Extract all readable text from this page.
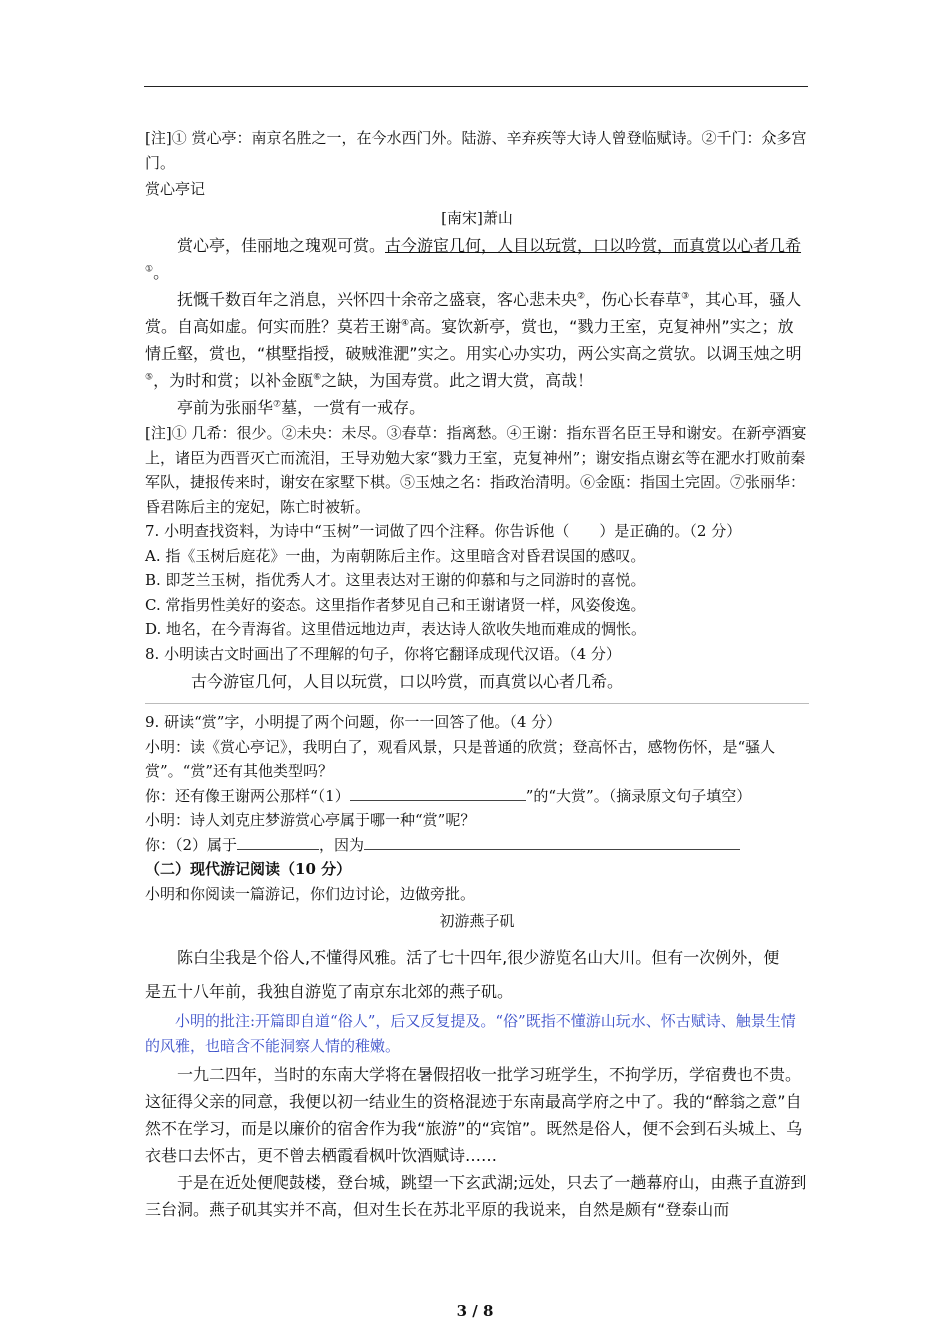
[注]① 赏心亭：南京名胜之一，在今水西门外。陆游、辛弃疾等大诗人曾登临赋诗。②千门：众多宫门。

赏心亭记

[南宋]萧山

赏心亭，佳丽地之瑰观可赏。古今游宦几何，人目以玩赏，口以吟赏，而真赏以心者几希①。

抚慨千数百年之消息，兴怀四十余帝之盛衰，客心悲未央②，伤心长春草③，其心耳，骚人赏。自高如虚。何实而胜？莫若王谢④高。宴饮新亭，赏也，“戮力王室，克复神州”实之；放情丘壑，赏也，“棋墅指授，破贼淮淝”实之。用实心办实功，两公实高之赏欤。以调玉烛之明⑤，为时和赏；以补金瓯⑥之缺，为国寿赏。此之谓大赏，高哉！

亭前为张丽华⑦墓，一赏有一戒存。

[注]① 几希：很少。②未央：未尽。③春草：指离愁。④王谢：指东晋名臣王导和谢安。在新亭酒宴上，诸臣为西晋灭亡而流泪，王导劝勉大家“戮力王室，克复神州”；谢安指点谢玄等在淝水打败前秦军队，捷报传来时，谢安在家墅下棋。⑤玉烛之名：指政治清明。⑥金瓯：指国土完固。⑦张丽华：昏君陈后主的宠妃，陈亡时被斩。

7. 小明查找资料，为诗中“玉树”一词做了四个注释。你告诉他（　　）是正确的。（2 分）

A. 指《玉树后庭花》一曲，为南朝陈后主作。这里暗含对昏君误国的感叹。

B. 即芝兰玉树，指优秀人才。这里表达对王谢的仰慕和与之同游时的喜悦。

C. 常指男性美好的姿态。这里指作者梦见自己和王谢诸贤一样，风姿俊逸。

D. 地名，在今青海省。这里借远地边声，表达诗人欲收失地而难成的惆怅。

8. 小明读古文时画出了不理解的句子，你将它翻译成现代汉语。（4 分）

古今游宦几何，人目以玩赏，口以吟赏，而真赏以心者几希。

9. 研读“赏”字，小明提了两个问题，你一一回答了他。（4 分）

小明：读《赏心亭记》，我明白了，观看风景，只是普通的欣赏；登高怀古，感物伤怀，是“骚人赏”。“赏”还有其他类型吗？

你：还有像王谢两公那样“（1）	”的“大赏”。（摘录原文句子填空）

小明：诗人刘克庄梦游赏心亭属于哪一种“赏”呢？

你：（2）属于	，因为

（二）现代游记阅读（10 分）

小明和你阅读一篇游记，你们边讨论，边做旁批。

初游燕子矶

陈白尘我是个俗人,不懂得风雅。活了七十四年,很少游览名山大川。但有一次例外，便

是五十八年前，我独自游览了南京东北郊的燕子矶。

小明的批注:开篇即自道“俗人”，后又反复提及。“俗”既指不懂游山玩水、怀古赋诗、触景生情的风雅，也暗含不能洞察人情的稚嫩。

一九二四年，当时的东南大学将在暑假招收一批学习班学生，不拘学历，学宿费也不贵。这征得父亲的同意，我便以初一结业生的资格混迹于东南最高学府之中了。我的“醉翁之意”自然不在学习，而是以廉价的宿舍作为我“旅游”的“宾馆”。既然是俗人，便不会到石头城上、乌衣巷口去怀古，更不曾去栖霞看枫叶饮酒赋诗……

于是在近处便爬鼓楼，登台城，跳望一下玄武湖;远处，只去了一趟幕府山，由燕子直游到三台洞。燕子矶其实并不高，但对生长在苏北平原的我说来，自然是颇有“登泰山而

3 / 8
